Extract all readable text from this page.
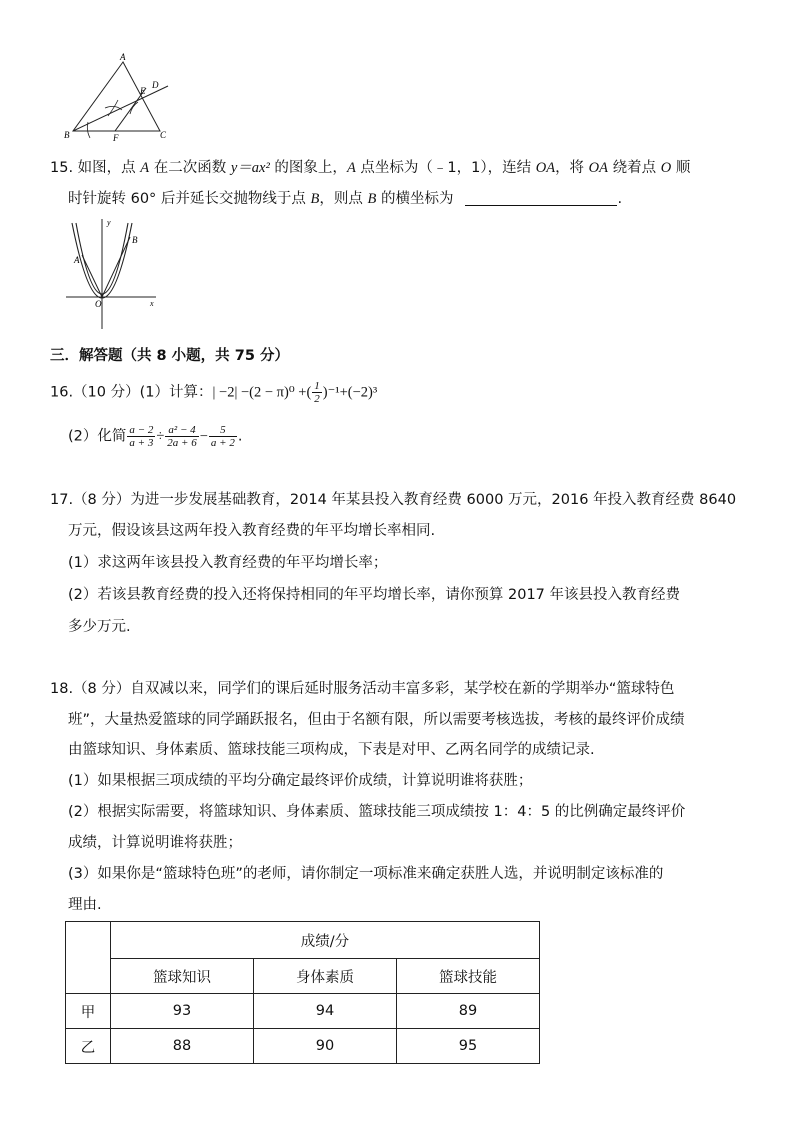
A
B	C
D
E
F
15. 如图，点 A 在二次函数 y＝ax² 的图象上，A 点坐标为（﹣1，1），连结 OA，将 OA 绕着点 O 顺
时针旋转 60° 后并延长交抛物线于点 B，则点 B 的横坐标为	.
y
x
O
A
B
三．解答题（共 8 小题，共 75 分）
16.（10 分）(1）计算：| −2| −(2 − π)⁰ +( $\frac{1}{2} )^{-1}+(-2)^3$
(2）化简 $\frac{a - 2}{a + 3} \div \frac{\text{a² − 4}}{2a + 6} - \frac{5}{a + 2}$ .
17.（8 分）为进一步发展基础教育，2014 年某县投入教育经费 6000 万元，2016 年投入教育经费 8640
万元，假设该县这两年投入教育经费的年平均增长率相同.
(1）求这两年该县投入教育经费的年平均增长率；
(2）若该县教育经费的投入还将保持相同的年平均增长率，请你预算 2017 年该县投入教育经费
多少万元.
18.（8 分）自双减以来，同学们的课后延时服务活动丰富多彩，某学校在新的学期举办“篮球特色
班”，大量热爱篮球的同学踊跃报名，但由于名额有限，所以需要考核选拔，考核的最终评价成绩
由篮球知识、身体素质、篮球技能三项构成，下表是对甲、乙两名同学的成绩记录.
(1）如果根据三项成绩的平均分确定最终评价成绩，计算说明谁将获胜；
(2）根据实际需要，将篮球知识、身体素质、篮球技能三项成绩按 1：4：5 的比例确定最终评价
成绩，计算说明谁将获胜；
(3）如果你是“篮球特色班”的老师，请你制定一项标准来确定获胜人选，并说明制定该标准的
理由.
	成绩/分		
	篮球知识	身体素质	篮球技能
甲	93	94	89
乙	88	90	95
